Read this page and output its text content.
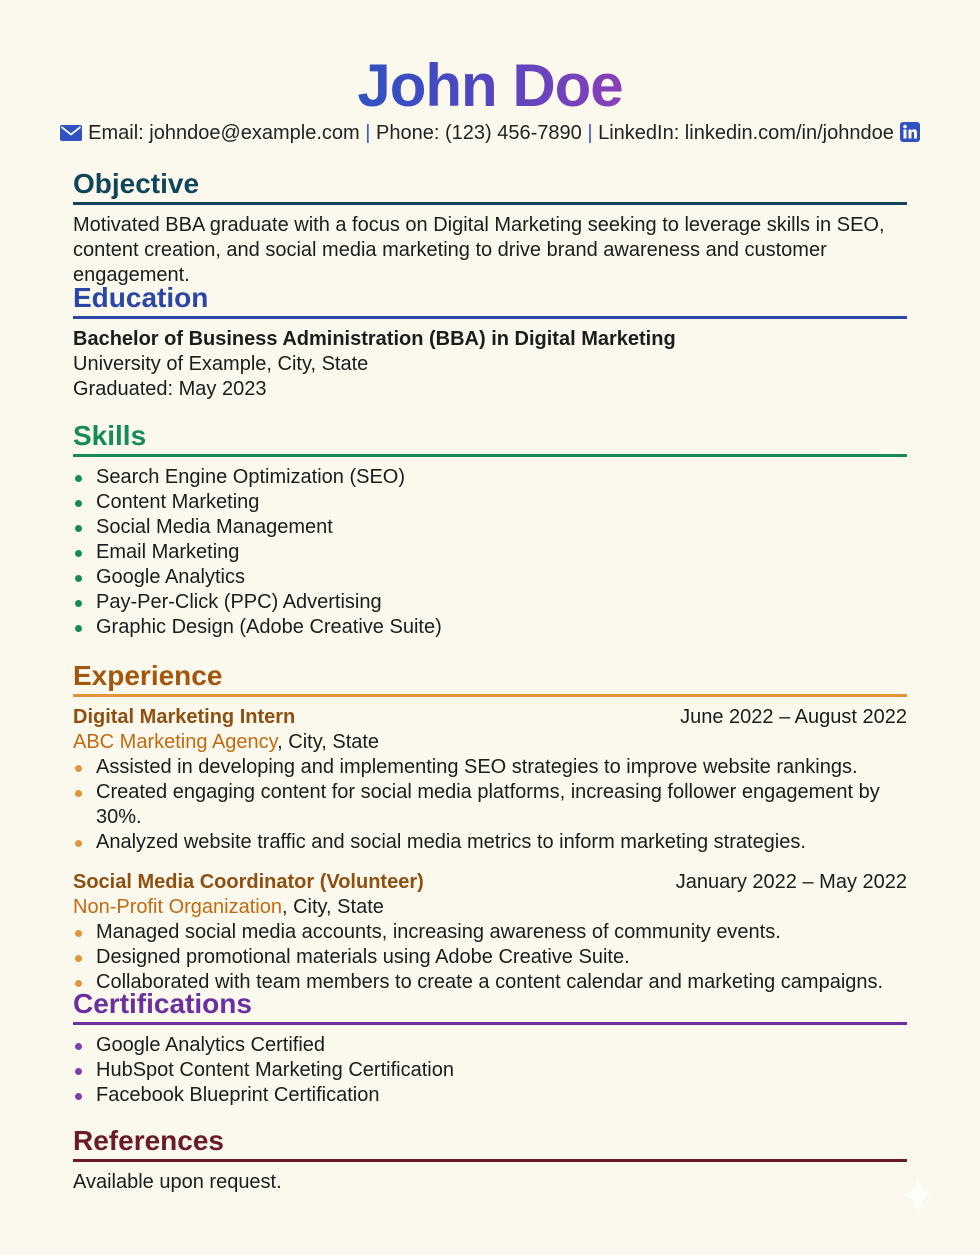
John Doe
Email: johndoe@example.com | Phone: (123) 456-7890 | LinkedIn: linkedin.com/in/johndoe
Objective

Motivated BBA graduate with a focus on Digital Marketing seeking to leverage skills in SEO, content creation, and social media marketing to drive brand awareness and customer engagement.

Education

Bachelor of Business Administration (BBA) in Digital Marketing

University of Example, City, State

Graduated: May 2023

Skills
Search Engine Optimization (SEO)
Content Marketing
Social Media Management
Email Marketing
Google Analytics
Pay-Per-Click (PPC) Advertising
Graphic Design (Adobe Creative Suite)
Experience
Digital Marketing Intern	June 2022 – August 2022

ABC Marketing Agency, City, State

Assisted in developing and implementing SEO strategies to improve website rankings.
Created engaging content for social media platforms, increasing follower engagement by 30%.
Analyzed website traffic and social media metrics to inform marketing strategies.
Social Media Coordinator (Volunteer)	January 2022 – May 2022

Non-Profit Organization, City, State

Managed social media accounts, increasing awareness of community events.
Designed promotional materials using Adobe Creative Suite.
Collaborated with team members to create a content calendar and marketing campaigns.
Certifications
Google Analytics Certified
HubSpot Content Marketing Certification
Facebook Blueprint Certification
References

Available upon request.
